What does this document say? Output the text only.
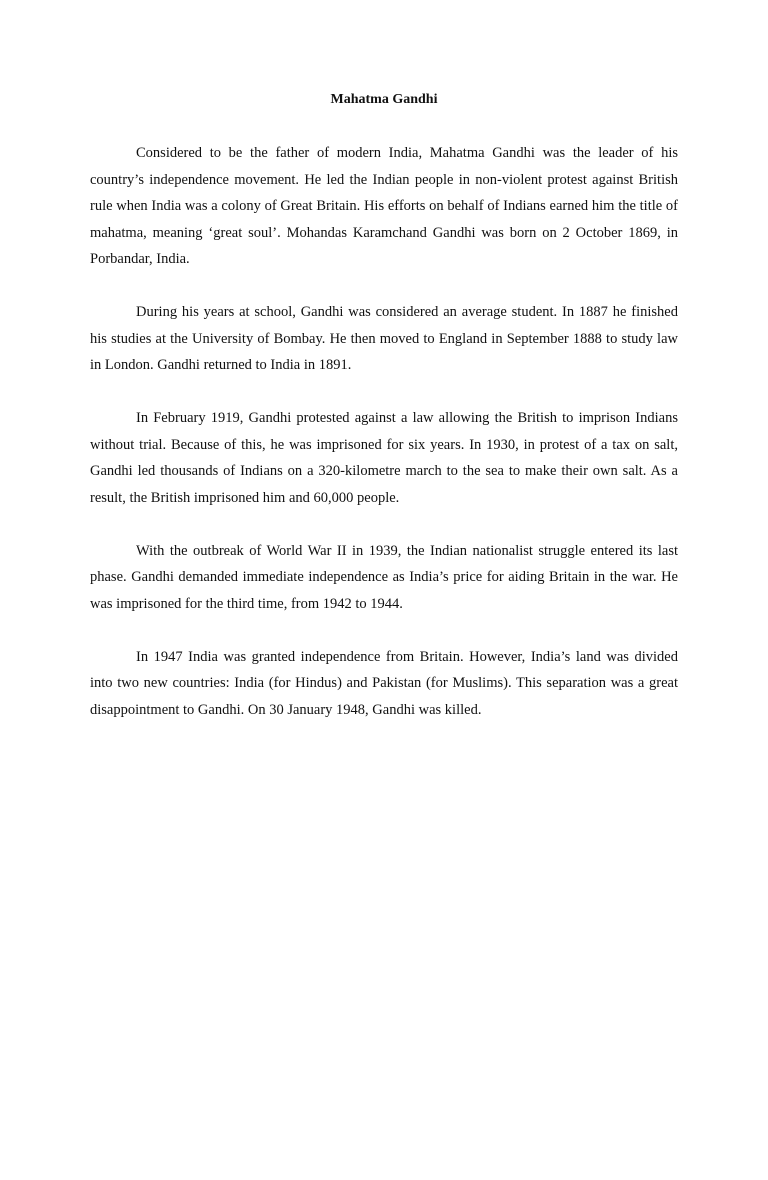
Mahatma Gandhi

Considered to be the father of modern India, Mahatma Gandhi was the leader of his country’s independence movement. He led the Indian people in non-violent protest against British rule when India was a colony of Great Britain. His efforts on behalf of Indians earned him the title of mahatma, meaning ‘great soul’. Mohandas Karamchand Gandhi was born on 2 October 1869, in Porbandar, India.

During his years at school, Gandhi was considered an average student. In 1887 he finished his studies at the University of Bombay. He then moved to England in September 1888 to study law in London. Gandhi returned to India in 1891.

In February 1919, Gandhi protested against a law allowing the British to imprison Indians without trial. Because of this, he was imprisoned for six years. In 1930, in protest of a tax on salt, Gandhi led thousands of Indians on a 320-kilometre march to the sea to make their own salt. As a result, the British imprisoned him and 60,000 people.

With the outbreak of World War II in 1939, the Indian nationalist struggle entered its last phase. Gandhi demanded immediate independence as India’s price for aiding Britain in the war. He was imprisoned for the third time, from 1942 to 1944.

In 1947 India was granted independence from Britain. However, India’s land was divided into two new countries: India (for Hindus) and Pakistan (for Muslims). This separation was a great disappointment to Gandhi. On 30 January 1948, Gandhi was killed.
